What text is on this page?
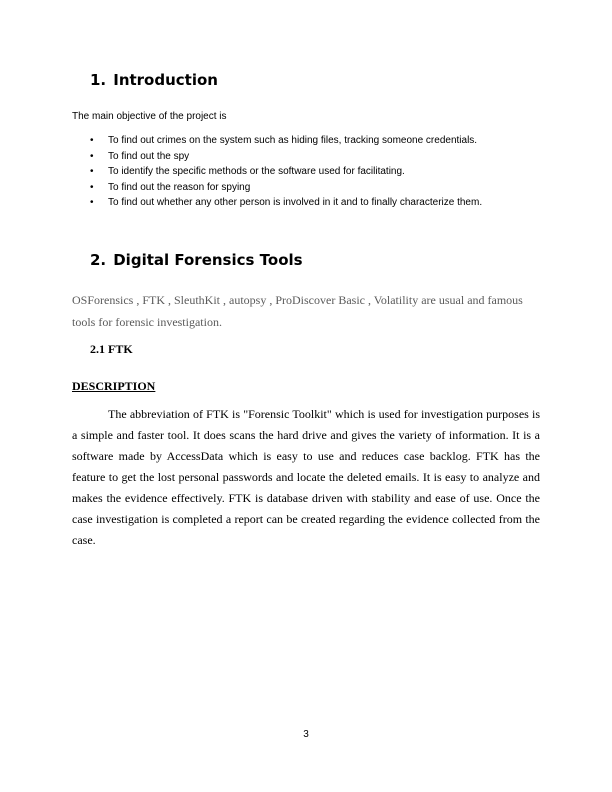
1. Introduction

The main objective of the project is

• To find out crimes on the system such as hiding files, tracking someone credentials.
• To find out the spy
• To identify the specific methods or the software used for facilitating.
• To find out the reason for spying
• To find out whether any other person is involved in it and to finally characterize them.
2. Digital Forensics Tools

OSForensics , FTK , SleuthKit , autopsy , ProDiscover Basic , Volatility are usual and famous tools for forensic investigation.

2.1 FTK
DESCRIPTION

The abbreviation of FTK is "Forensic Toolkit" which is used for investigation purposes is a simple and faster tool. It does scans the hard drive and gives the variety of information. It is a software made by AccessData which is easy to use and reduces case backlog. FTK has the feature to get the lost personal passwords and locate the deleted emails. It is easy to analyze and makes the evidence effectively. FTK is database driven with stability and ease of use. Once the case investigation is completed a report can be created regarding the evidence collected from the case.

3
